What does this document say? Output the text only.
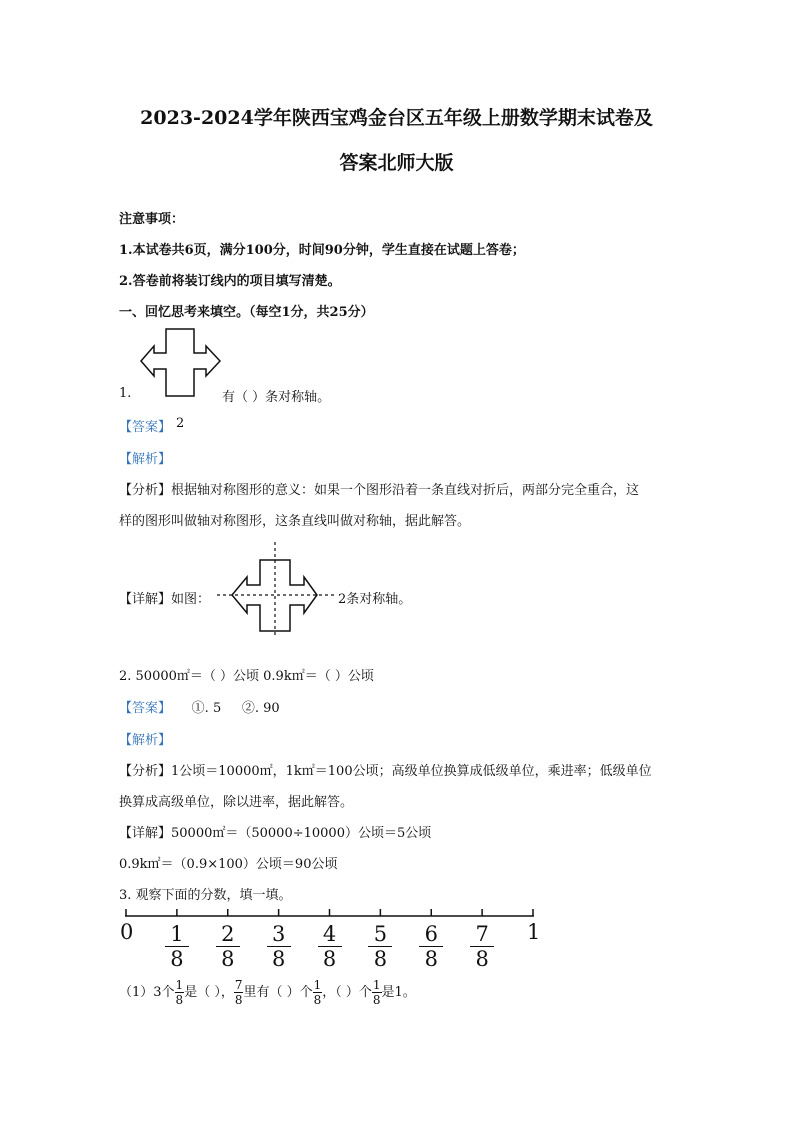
2023-2024学年陕西宝鸡金台区五年级上册数学期末试卷及
答案北师大版
注意事项：
1.本试卷共6页，满分100分，时间90分钟，学生直接在试题上答卷；
2.答卷前将装订线内的项目填写清楚。
一、回忆思考来填空。（每空1分，共25分）
1.	有（ ）条对称轴。
【答案】 2
【解析】
【分析】根据轴对称图形的意义：如果一个图形沿着一条直线对折后，两部分完全重合，这
样的图形叫做轴对称图形，这条直线叫做对称轴，据此解答。
【详解】如图：	2条对称轴。
2. 50000㎡＝（ ）公顷 0.9k㎡＝（ ）公顷
【答案】     ①. 5     ②. 90
【解析】
【分析】1公顷＝10000㎡，1k㎡＝100公顷；高级单位换算成低级单位，乘进率；低级单位
换算成高级单位，除以进率，据此解答。
【详解】50000㎡＝（50000÷10000）公顷＝5公顷
0.9k㎡＝（0.9×100）公顷＝90公顷
3. 观察下面的分数，填一填。
0	1
$\frac{1}{8} \frac{2}{8} \frac{3}{8} \frac{4}{8} \frac{5}{8} \frac{6}{8} \frac{7}{8}$
（1）3个 $\frac{1}{8}$ 是（ ）， $\frac{7}{8}$ 里有（ ）个 $\frac{1}{8}$ ，（ ）个 $\frac{1}{8}$ 是1。
